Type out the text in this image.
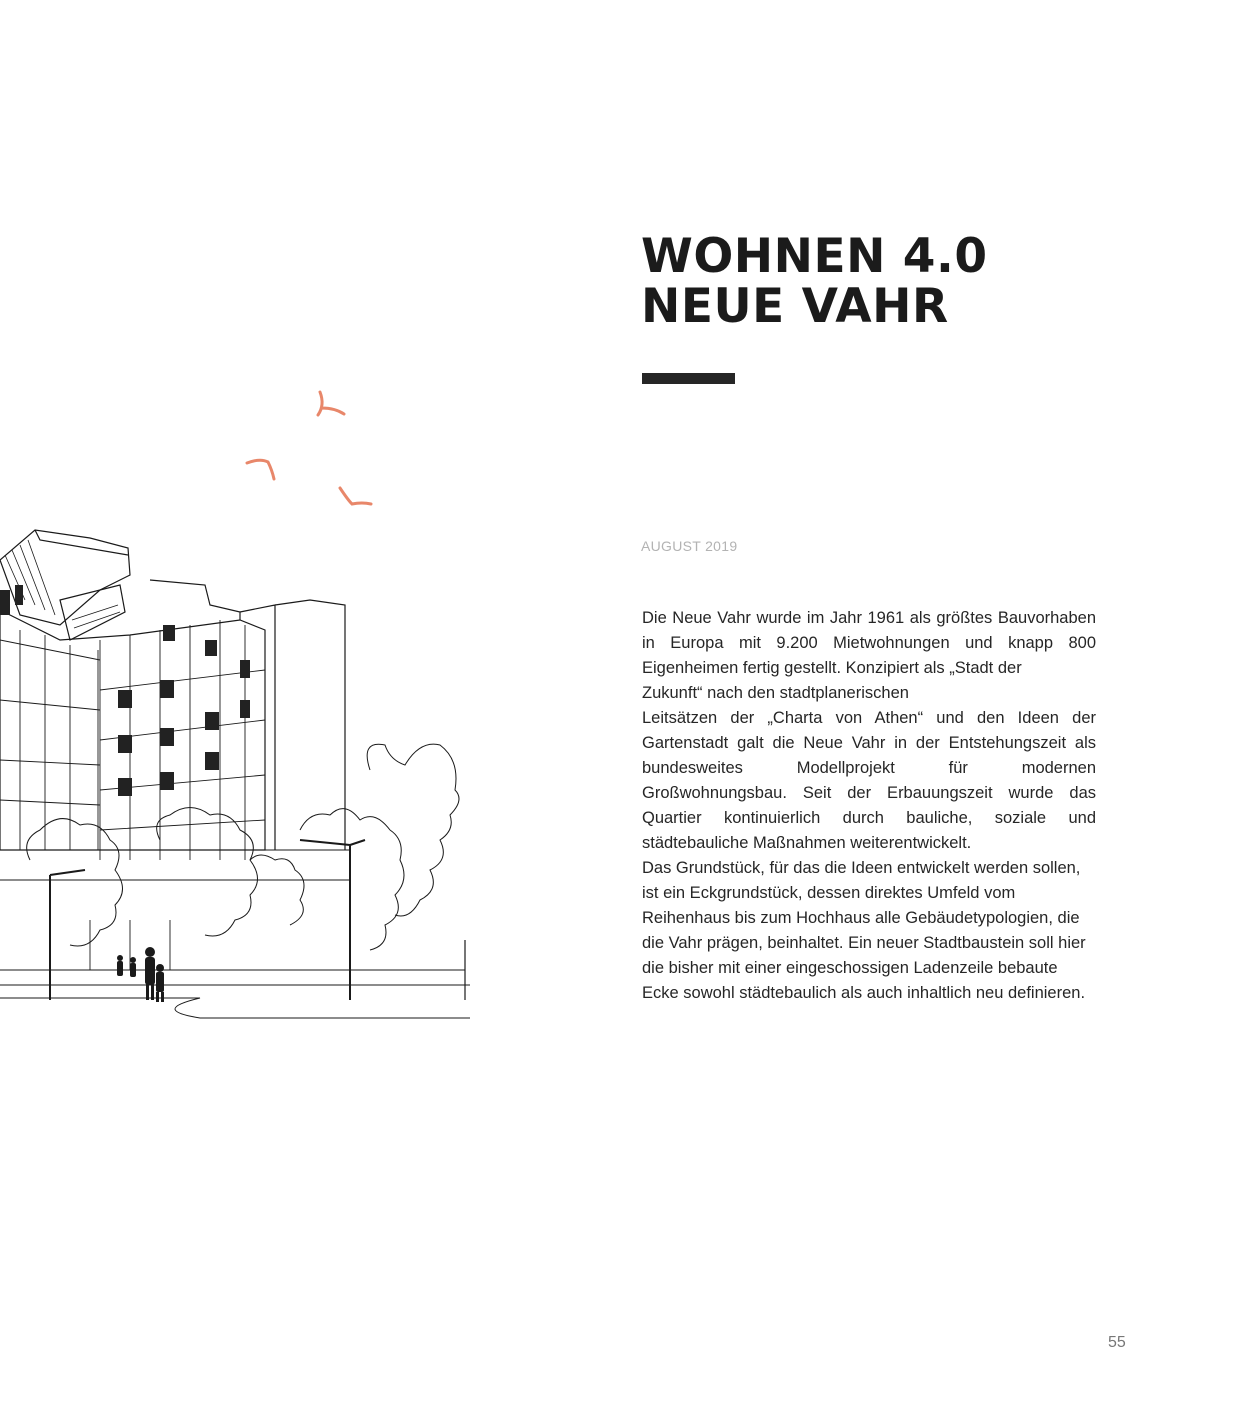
WOHNEN 4.0
NEUE VAHR
AUGUST 2019

Die Neue Vahr wurde im Jahr 1961 als größtes Bauvorhaben in Europa mit 9.200 Mietwohnungen und knapp 800 Eigenheimen fertig gestellt. Konzipiert als „Stadt der

Zukunft“ nach den stadtplanerischen

Leitsätzen der „Charta von Athen“ und den Ideen der Gartenstadt galt die Neue Vahr in der Entstehungszeit als bundesweites Modellprojekt für modernen Großwohnungsbau. Seit der Erbauungszeit wurde das Quartier kontinuierlich durch bauliche, soziale und städtebauliche Maßnahmen weiterentwickelt.

Das Grundstück, für das die Ideen entwickelt werden sollen, ist ein Eckgrundstück, dessen direktes Umfeld vom Reihenhaus bis zum Hochhaus alle Gebäudetypologien, die die Vahr prägen, beinhaltet. Ein neuer Stadtbaustein soll hier die bisher mit einer eingeschossigen Ladenzeile bebaute Ecke sowohl städtebaulich als auch inhaltlich neu definieren.

55
